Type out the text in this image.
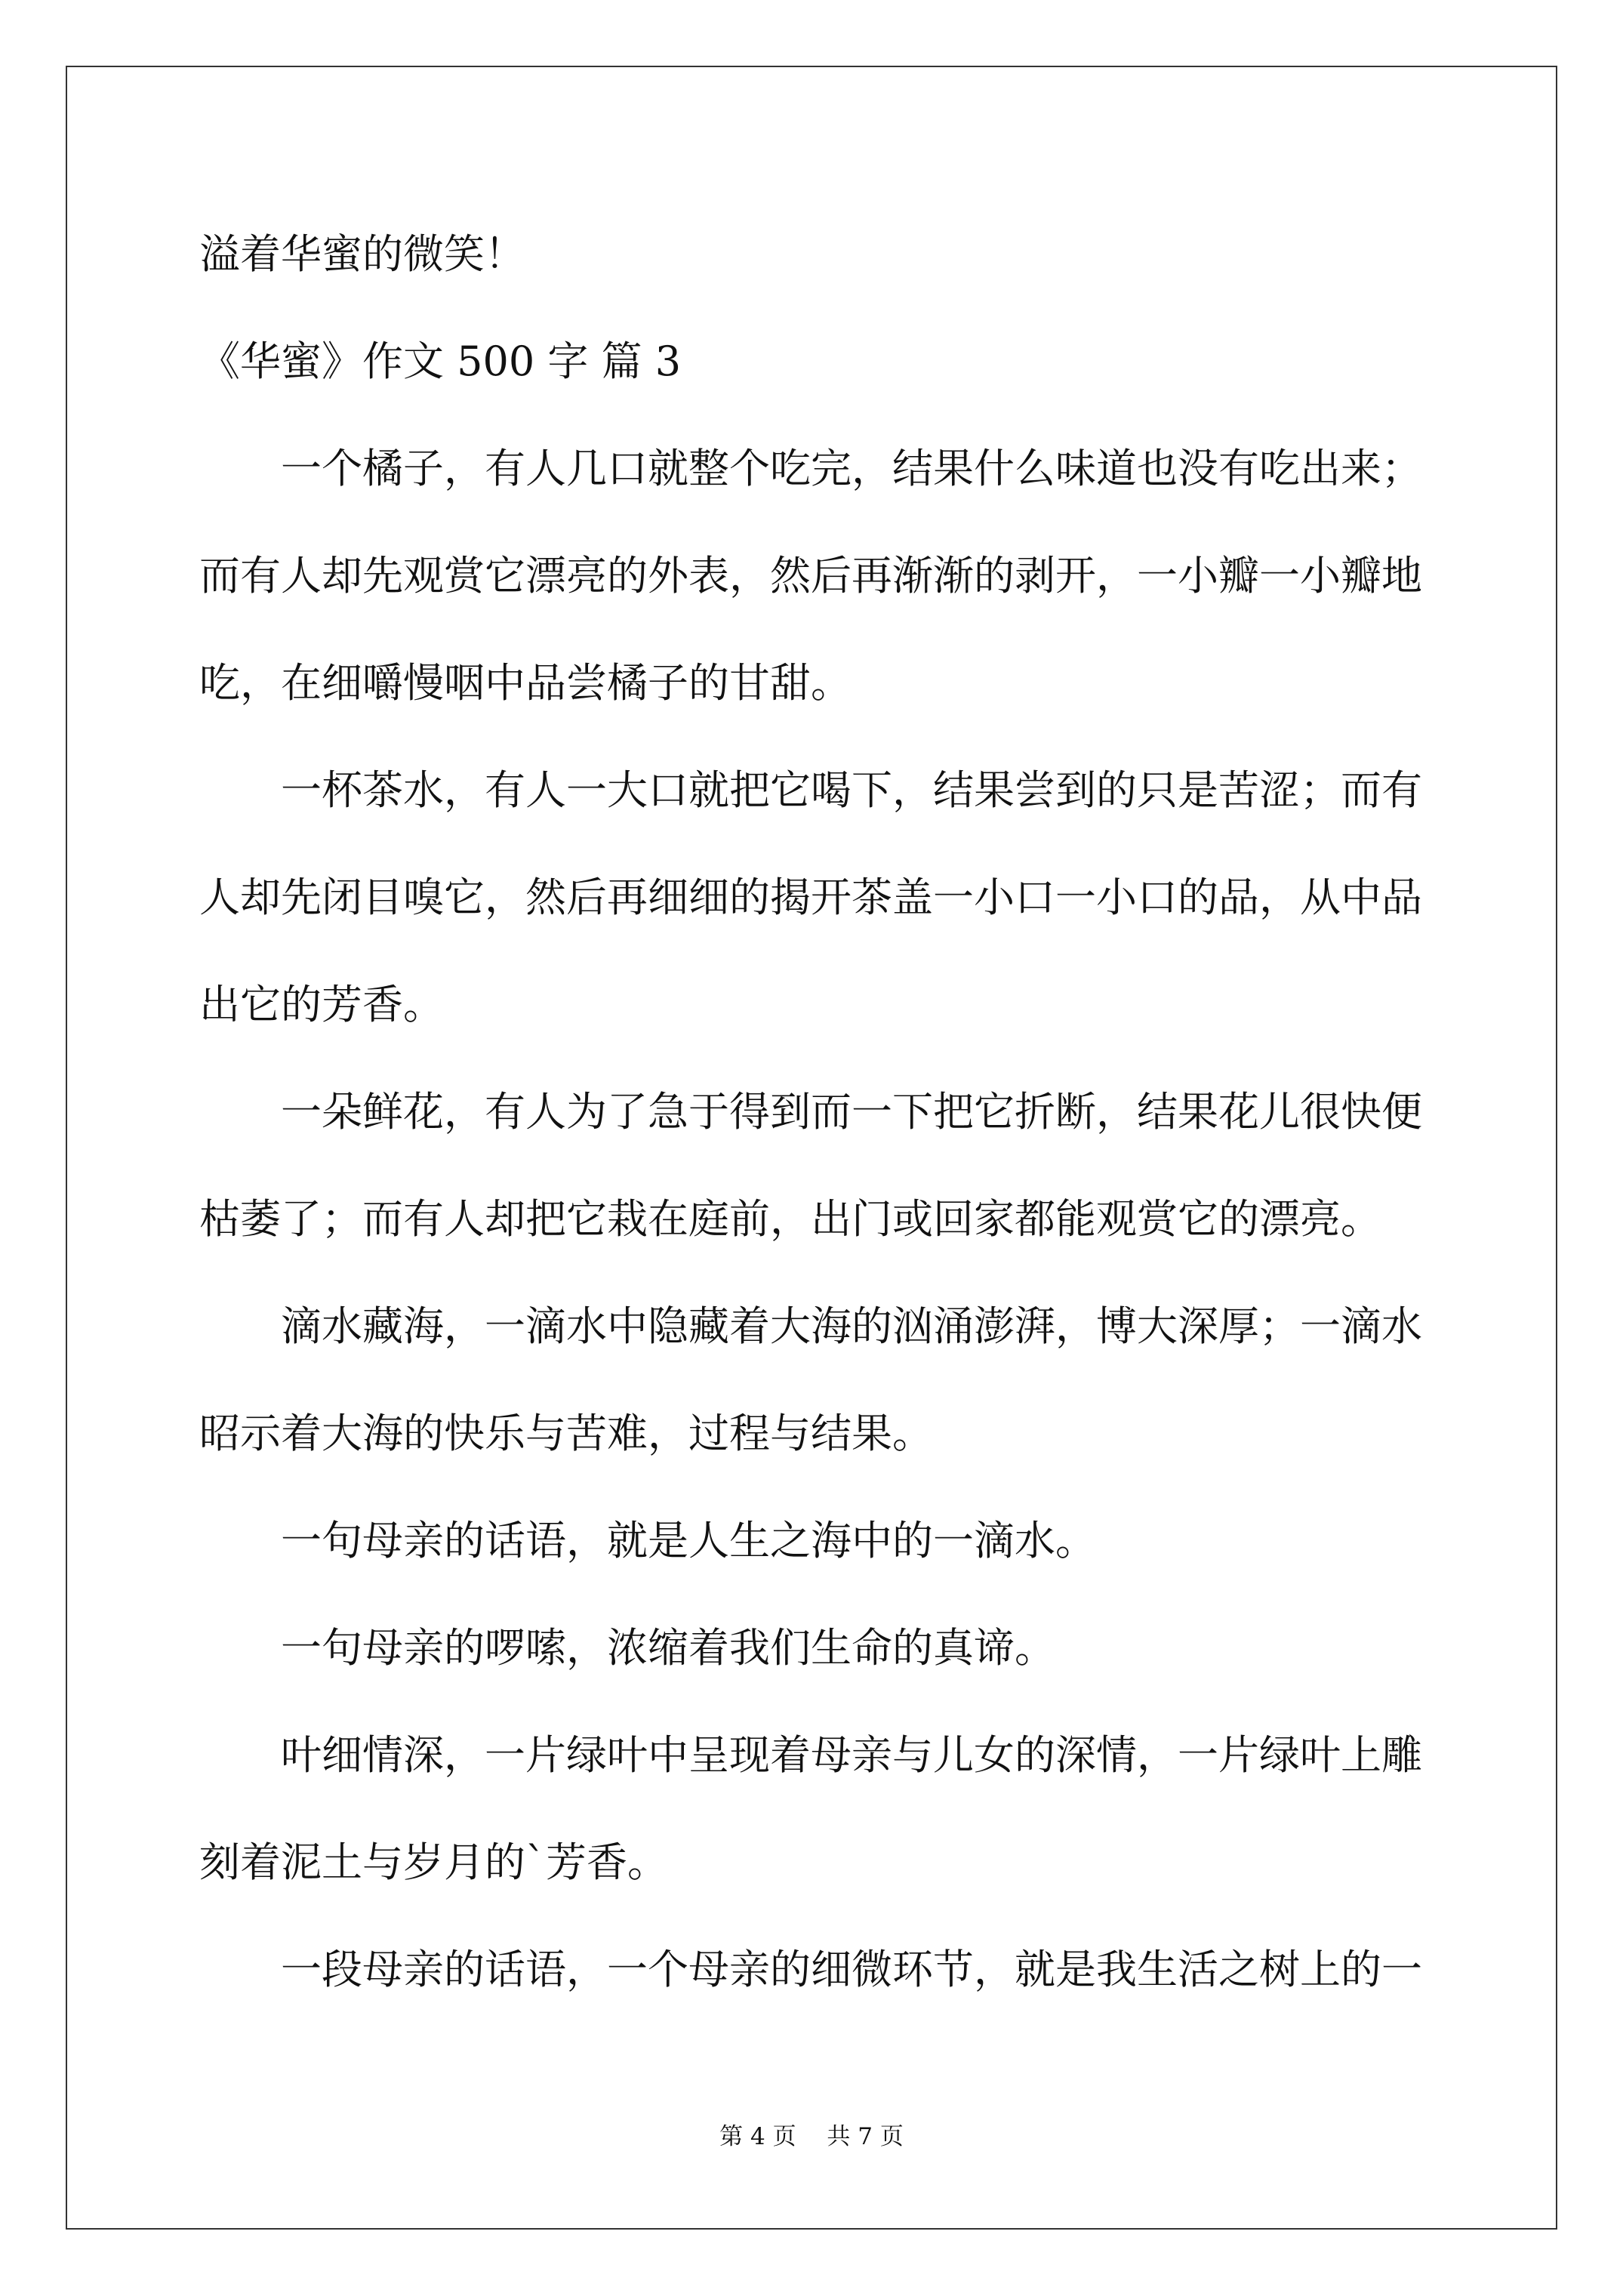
溢着华蜜的微笑！
《华蜜》作文 500 字 篇 3
一个橘子，有人几口就整个吃完，结果什么味道也没有吃出来；
而有人却先观赏它漂亮的外表，然后再渐渐的剥开，一小瓣一小瓣地
吃，在细嚼慢咽中品尝橘子的甘甜。
一杯茶水，有人一大口就把它喝下，结果尝到的只是苦涩；而有
人却先闭目嗅它，然后再细细的揭开茶盖一小口一小口的品，从中品
出它的芳香。
一朵鲜花，有人为了急于得到而一下把它折断，结果花儿很快便
枯萎了；而有人却把它栽在庭前，出门或回家都能观赏它的漂亮。
滴水藏海，一滴水中隐藏着大海的汹涌澎湃，博大深厚；一滴水
昭示着大海的快乐与苦难，过程与结果。
一句母亲的话语，就是人生之海中的一滴水。
一句母亲的啰嗦，浓缩着我们生命的真谛。
叶细情深，一片绿叶中呈现着母亲与儿女的深情，一片绿叶上雕
刻着泥土与岁月的`芳香。
一段母亲的话语，一个母亲的细微环节，就是我生活之树上的一
第 4 页　 共 7 页
